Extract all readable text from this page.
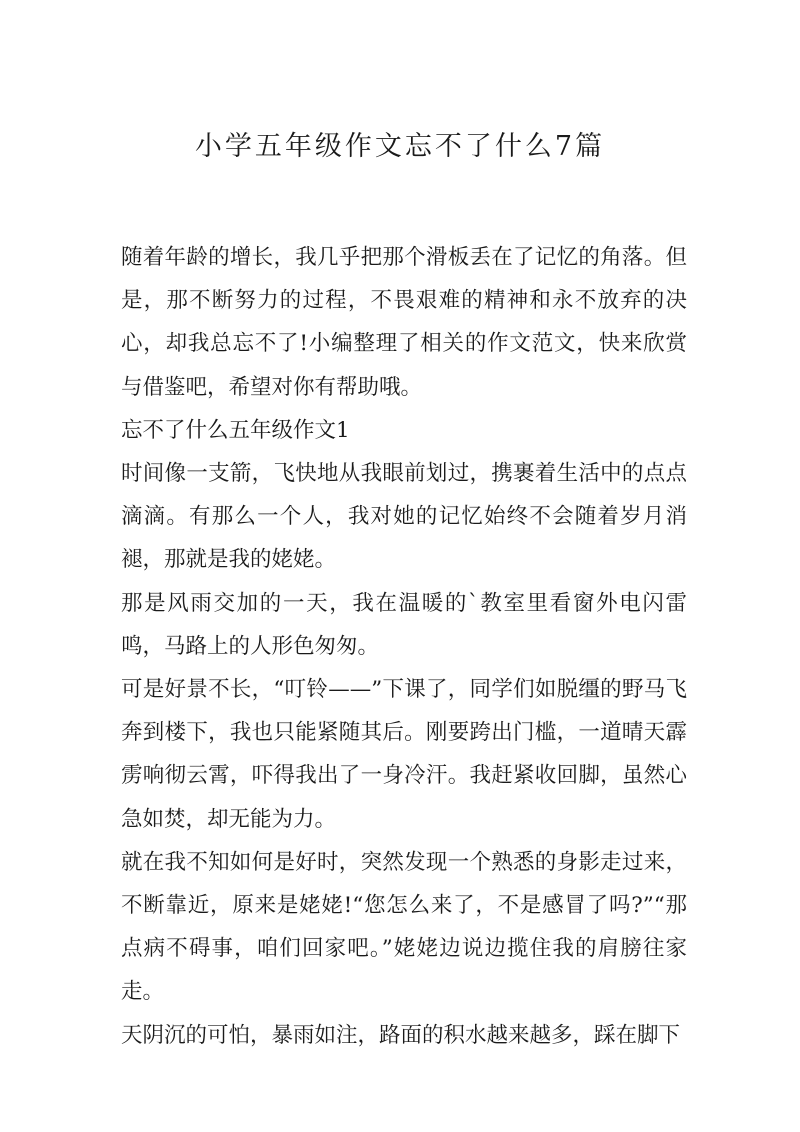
小学五年级作文忘不了什么7篇

随着年龄的增长，我几乎把那个滑板丢在了记忆的角落。但是，那不断努力的过程，不畏艰难的精神和永不放弃的决心，却我总忘不了!小编整理了相关的作文范文，快来欣赏与借鉴吧，希望对你有帮助哦。

忘不了什么五年级作文1

时间像一支箭，飞快地从我眼前划过，携裹着生活中的点点滴滴。有那么一个人，我对她的记忆始终不会随着岁月消褪，那就是我的姥姥。

那是风雨交加的一天，我在温暖的`教室里看窗外电闪雷鸣，马路上的人形色匆匆。

可是好景不长，“叮铃——”下课了，同学们如脱缰的野马飞奔到楼下，我也只能紧随其后。刚要跨出门槛，一道晴天霹雳响彻云霄，吓得我出了一身冷汗。我赶紧收回脚，虽然心急如焚，却无能为力。

就在我不知如何是好时，突然发现一个熟悉的身影走过来，不断靠近，原来是姥姥!“您怎么来了，不是感冒了吗?”“那点病不碍事，咱们回家吧。”姥姥边说边揽住我的肩膀往家走。

天阴沉的可怕，暴雨如注，路面的积水越来越多，踩在脚下
